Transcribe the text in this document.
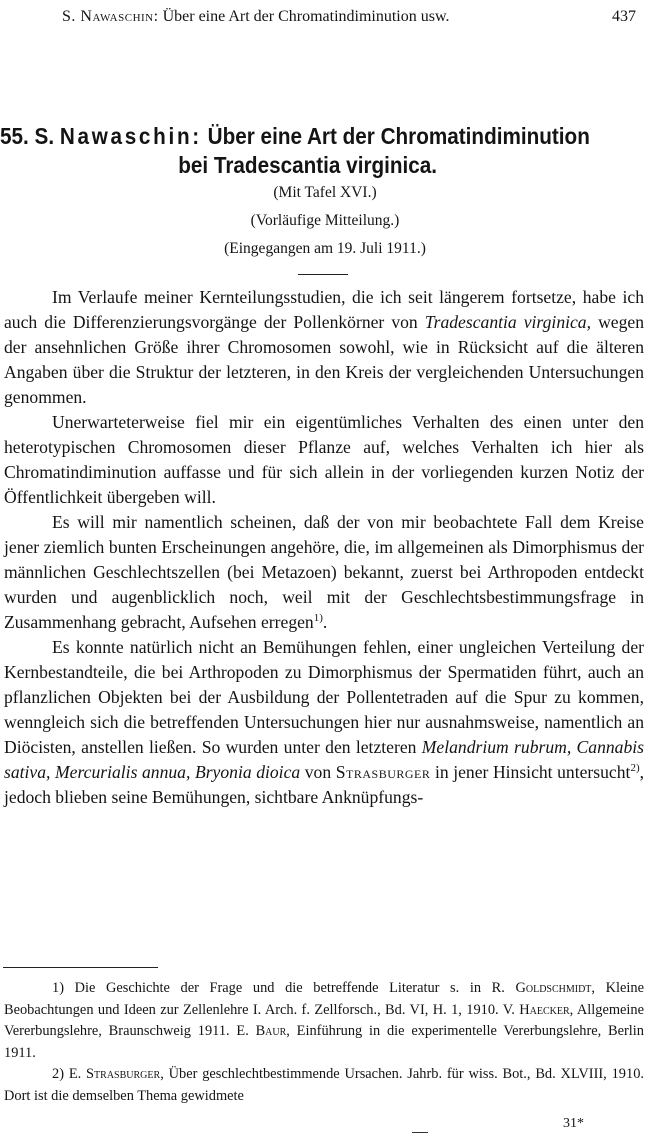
S. Nawaschin: Über eine Art der Chromatindiminution usw.	437
55. S. Nawaschin: Über eine Art der Chromatindiminution
bei Tradescantia virginica.
(Mit Tafel XVI.)
(Vorläufige Mitteilung.)
(Eingegangen am 19. Juli 1911.)

Im Verlaufe meiner Kernteilungsstudien, die ich seit längerem fortsetze, habe ich auch die Differenzierungsvorgänge der Pollenkörner von Tradescantia virginica, wegen der ansehnlichen Größe ihrer Chromosomen sowohl, wie in Rücksicht auf die älteren Angaben über die Struktur der letzteren, in den Kreis der vergleichenden Untersuchungen genommen.

Unerwarteterweise fiel mir ein eigentümliches Verhalten des einen unter den heterotypischen Chromosomen dieser Pflanze auf, welches Verhalten ich hier als Chromatindiminution auffasse und für sich allein in der vorliegenden kurzen Notiz der Öffentlichkeit übergeben will.

Es will mir namentlich scheinen, daß der von mir beobachtete Fall dem Kreise jener ziemlich bunten Erscheinungen angehöre, die, im allgemeinen als Dimorphismus der männlichen Geschlechtszellen (bei Metazoen) bekannt, zuerst bei Arthropoden entdeckt wurden und augenblicklich noch, weil mit der Geschlechtsbestimmungsfrage in Zusammenhang gebracht, Aufsehen erregen$^{1)}$.

Es konnte natürlich nicht an Bemühungen fehlen, einer ungleichen Verteilung der Kernbestandteile, die bei Arthropoden zu Dimorphismus der Spermatiden führt, auch an pflanzlichen Objekten bei der Ausbildung der Pollentetraden auf die Spur zu kommen, wenngleich sich die betreffenden Untersuchungen hier nur ausnahmsweise, namentlich an Diöcisten, anstellen ließen. So wurden unter den letzteren Melandrium rubrum, Cannabis sativa, Mercurialis annua, Bryonia dioica von Strasburger in jener Hinsicht untersucht$^{2)}$, jedoch blieben seine Bemühungen, sichtbare Anknüpfungs-

1) Die Geschichte der Frage und die betreffende Literatur s. in R. Goldschmidt, Kleine Beobachtungen und Ideen zur Zellenlehre I. Arch. f. Zellforsch., Bd. VI, H. 1, 1910. V. Haecker, Allgemeine Vererbungslehre, Braunschweig 1911. E. Baur, Einführung in die experimentelle Vererbungslehre, Berlin 1911.

2) E. Strasburger, Über geschlechtbestimmende Ursachen. Jahrb. für wiss. Bot., Bd. XLVIII, 1910. Dort ist die demselben Thema gewidmete

31*
